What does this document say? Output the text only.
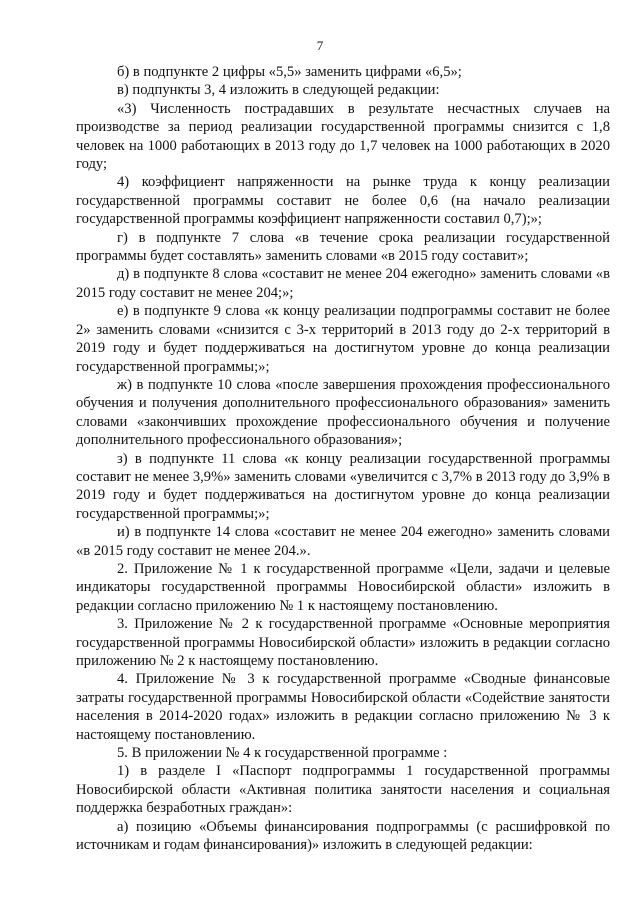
7

б) в подпункте 2 цифры «5,5» заменить цифрами «6,5»;

в) подпункты 3, 4 изложить в следующей редакции:

«3) Численность пострадавших в результате несчастных случаев на производстве за период реализации государственной программы снизится с 1,8 человек на 1000 работающих в 2013 году до 1,7 человек на 1000 работающих в 2020 году;

4) коэффициент напряженности на рынке труда к концу реализации государственной программы составит не более 0,6 (на начало реализации государственной программы коэффициент напряженности составил 0,7);»;

г) в подпункте 7 слова «в течение срока реализации государственной программы будет составлять» заменить словами «в 2015 году составит»;

д) в подпункте 8 слова «составит не менее 204 ежегодно» заменить словами «в 2015 году составит не менее 204;»;

е) в подпункте 9 слова «к концу реализации подпрограммы составит не более 2» заменить словами «снизится с 3-х территорий в 2013 году до 2-х территорий в 2019 году и будет поддерживаться на достигнутом уровне до конца реализации государственной программы;»;

ж) в подпункте 10 слова «после завершения прохождения профессионального обучения и получения дополнительного профессионального образования» заменить словами «закончивших прохождение профессионального обучения и получение дополнительного профессионального образования»;

з) в подпункте 11 слова «к концу реализации государственной программы составит не менее 3,9%» заменить словами «увеличится с 3,7% в 2013 году до 3,9% в 2019 году и будет поддерживаться на достигнутом уровне до конца реализации государственной программы;»;

и) в подпункте 14 слова «составит не менее 204 ежегодно» заменить словами «в 2015 году составит не менее 204.».

2. Приложение № 1 к государственной программе «Цели, задачи и целевые индикаторы государственной программы Новосибирской области» изложить в редакции согласно приложению № 1 к настоящему постановлению.

3. Приложение № 2 к государственной программе «Основные мероприятия государственной программы Новосибирской области» изложить в редакции согласно приложению № 2 к настоящему постановлению.

4. Приложение № 3 к государственной программе «Сводные финансовые затраты государственной программы Новосибирской области «Содействие занятости населения в 2014-2020 годах» изложить в редакции согласно приложению № 3 к настоящему постановлению.

5. В приложении № 4 к государственной программе :

1) в разделе I «Паспорт подпрограммы 1 государственной программы Новосибирской области «Активная политика занятости населения и социальная поддержка безработных граждан»:

а) позицию «Объемы финансирования подпрограммы (с расшифровкой по источникам и годам финансирования)» изложить в следующей редакции:
